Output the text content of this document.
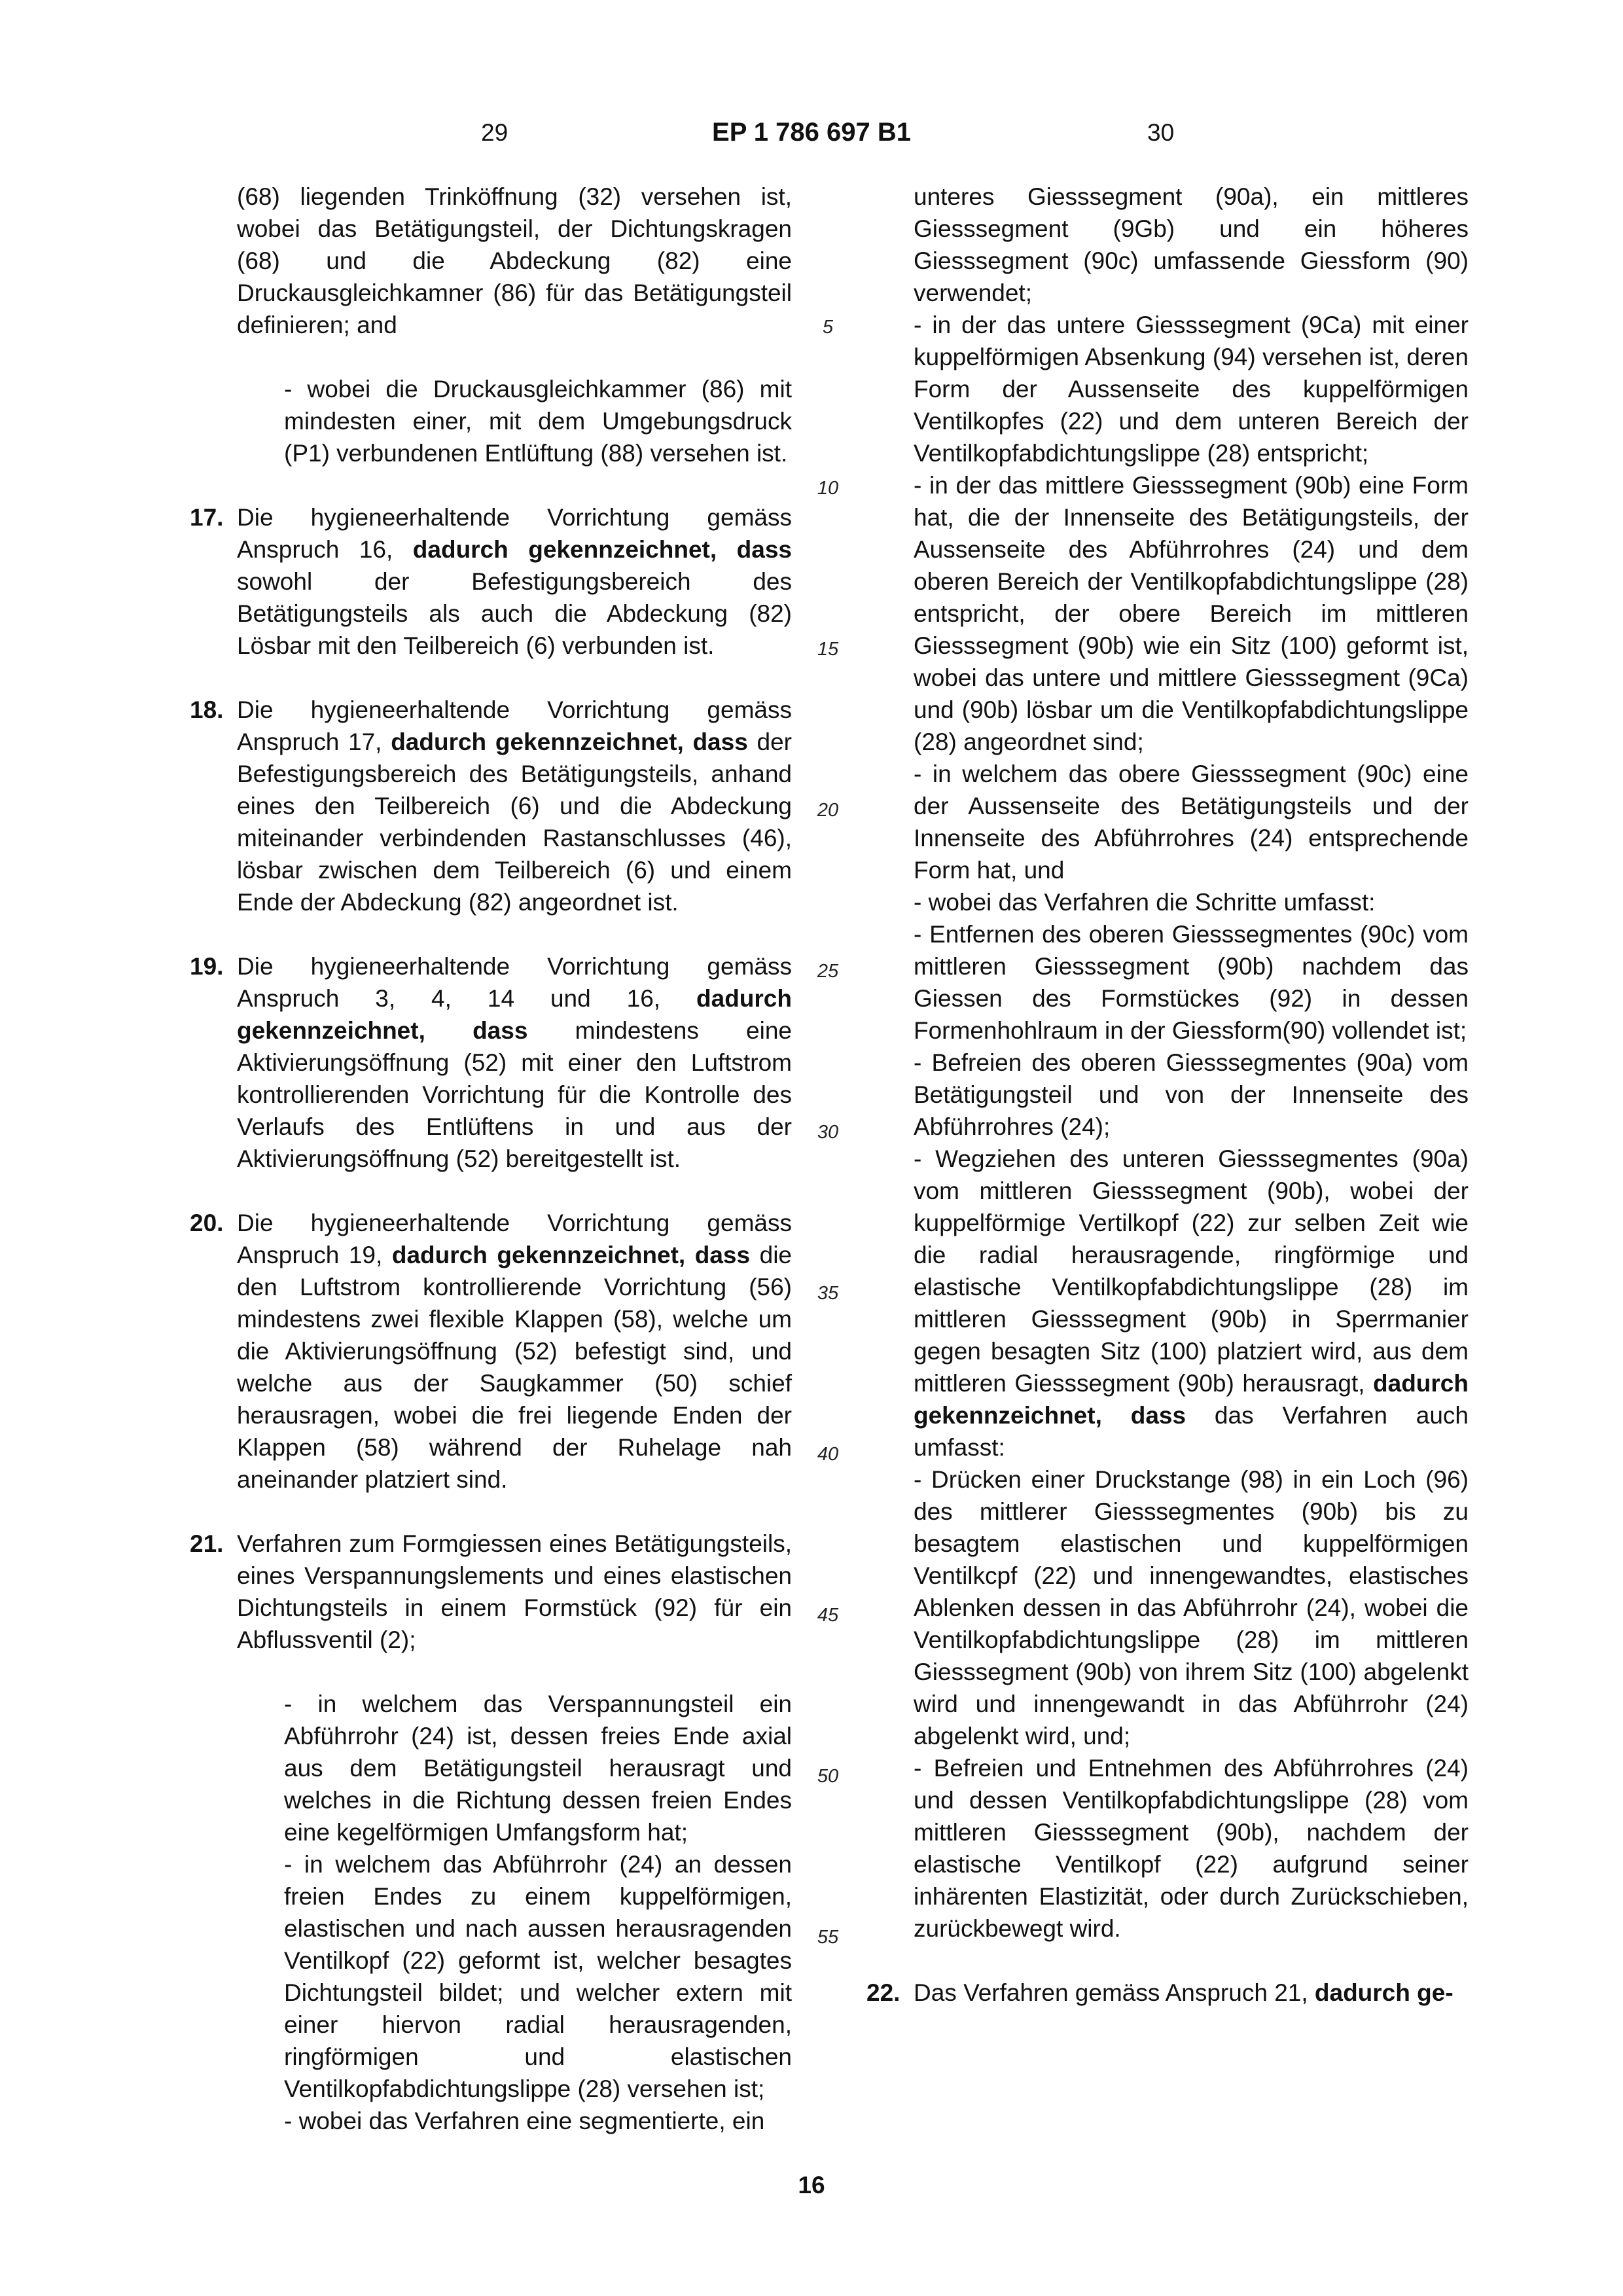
29	EP 1 786 697 B1	30
5
10
15
20
25
30
35
40
45
50
55

(68) liegenden Trinköffnung (32) versehen ist, wobei das Betätigungsteil, der Dichtungskragen (68) und die Abdeckung (82) eine Druckausgleichkamner (86) für das Betätigungsteil definieren; and

- wobei die Druckausgleichkammer (86) mit mindesten einer, mit dem Umgebungsdruck (P1) verbundenen Entlüftung (88) versehen ist.

17. Die hygieneerhaltende Vorrichtung gemäss Anspruch 16, dadurch gekennzeichnet, dass sowohl der Befestigungsbereich des Betätigungsteils als auch die Abdeckung (82) Lösbar mit den Teilbereich (6) verbunden ist.
18. Die hygieneerhaltende Vorrichtung gemäss Anspruch 17, dadurch gekennzeichnet, dass der Befestigungsbereich des Betätigungsteils, anhand eines den Teilbereich (6) und die Abdeckung miteinander verbindenden Rastanschlusses (46), lösbar zwischen dem Teilbereich (6) und einem Ende der Abdeckung (82) angeordnet ist.
19. Die hygieneerhaltende Vorrichtung gemäss Anspruch 3, 4, 14 und 16, dadurch gekennzeichnet, dass mindestens eine Aktivierungsöffnung (52) mit einer den Luftstrom kontrollierenden Vorrichtung für die Kontrolle des Verlaufs des Entlüftens in und aus der Aktivierungsöffnung (52) bereitgestellt ist.
20. Die hygieneerhaltende Vorrichtung gemäss Anspruch 19, dadurch gekennzeichnet, dass die den Luftstrom kontrollierende Vorrichtung (56) mindestens zwei flexible Klappen (58), welche um die Aktivierungsöffnung (52) befestigt sind, und welche aus der Saugkammer (50) schief herausragen, wobei die frei liegende Enden der Klappen (58) während der Ruhelage nah aneinander platziert sind.
21. Verfahren zum Formgiessen eines Betätigungsteils, eines Verspannungslements und eines elastischen Dichtungsteils in einem Formstück (92) für ein Abflussventil (2);
- in welchem das Verspannungsteil ein Abführrohr (24) ist, dessen freies Ende axial aus dem Betätigungsteil herausragt und welches in die Richtung dessen freien Endes eine kegelförmigen Umfangsform hat;
- in welchem das Abführrohr (24) an dessen freien Endes zu einem kuppelförmigen, elastischen und nach aussen herausragenden Ventilkopf (22) geformt ist, welcher besagtes Dichtungsteil bildet; und welcher extern mit einer hiervon radial herausragenden, ringförmigen und elastischen Ventilkopfabdichtungslippe (28) versehen ist;
- wobei das Verfahren eine segmentierte, ein
unteres Giesssegment (90a), ein mittleres Giesssegment (9Gb) und ein höheres Giesssegment (90c) umfassende Giessform (90) verwendet;
- in der das untere Giesssegment (9Ca) mit einer kuppelförmigen Absenkung (94) versehen ist, deren Form der Aussenseite des kuppelförmigen Ventilkopfes (22) und dem unteren Bereich der Ventilkopfabdichtungslippe (28) entspricht;
- in der das mittlere Giesssegment (90b) eine Form hat, die der Innenseite des Betätigungsteils, der Aussenseite des Abführrohres (24) und dem oberen Bereich der Ventilkopfabdichtungslippe (28) entspricht, der obere Bereich im mittleren Giesssegment (90b) wie ein Sitz (100) geformt ist, wobei das untere und mittlere Giesssegment (9Ca) und (90b) lösbar um die Ventilkopfabdichtungslippe (28) angeordnet sind;
- in welchem das obere Giesssegment (90c) eine der Aussenseite des Betätigungsteils und der Innenseite des Abführrohres (24) entsprechende Form hat, und
- wobei das Verfahren die Schritte umfasst:
- Entfernen des oberen Giesssegmentes (90c) vom mittleren Giesssegment (90b) nachdem das Giessen des Formstückes (92) in dessen Formenhohlraum in der Giessform(90) vollendet ist;
- Befreien des oberen Giesssegmentes (90a) vom Betätigungsteil und von der Innenseite des Abführrohres (24);
- Wegziehen des unteren Giesssegmentes (90a) vom mittleren Giesssegment (90b), wobei der kuppelförmige Vertilkopf (22) zur selben Zeit wie die radial herausragende, ringförmige und elastische Ventilkopfabdichtungslippe (28) im mittleren Giesssegment (90b) in Sperrmanier gegen besagten Sitz (100) platziert wird, aus dem mittleren Giesssegment (90b) herausragt, dadurch gekennzeichnet, dass das Verfahren auch umfasst:
- Drücken einer Druckstange (98) in ein Loch (96) des mittlerer Giesssegmentes (90b) bis zu besagtem elastischen und kuppelförmigen Ventilkcpf (22) und innengewandtes, elastisches Ablenken dessen in das Abführrohr (24), wobei die Ventilkopfabdichtungslippe (28) im mittleren Giesssegment (90b) von ihrem Sitz (100) abgelenkt wird und innengewandt in das Abführrohr (24) abgelenkt wird, und;
- Befreien und Entnehmen des Abführrohres (24) und dessen Ventilkopfabdichtungslippe (28) vom mittleren Giesssegment (90b), nachdem der elastische Ventilkopf (22) aufgrund seiner inhärenten Elastizität, oder durch Zurückschieben, zurückbewegt wird.
22. Das Verfahren gemäss Anspruch 21, dadurch ge-
16
